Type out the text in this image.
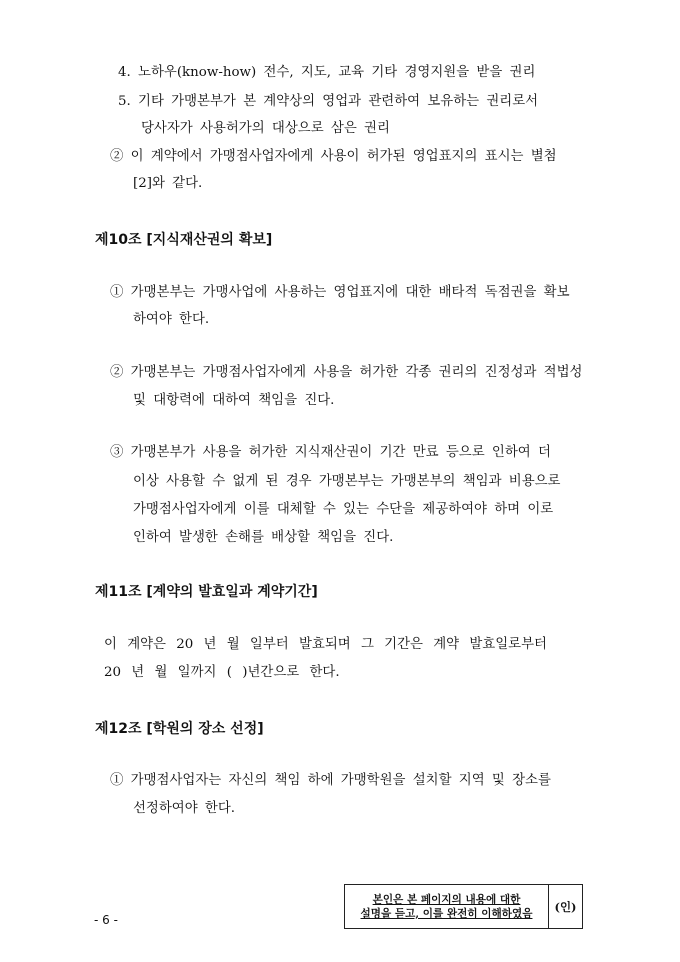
4. 노하우(know-how) 전수, 지도, 교육 기타 경영지원을 받을 권리
5. 기타 가맹본부가 본 계약상의 영업과 관련하여 보유하는 권리로서
당사자가 사용허가의 대상으로 삼은 권리
② 이 계약에서 가맹점사업자에게 사용이 허가된 영업표지의 표시는 별첨
[2]와 같다.
제10조 [지식재산권의 확보]
① 가맹본부는 가맹사업에 사용하는 영업표지에 대한 배타적 독점권을 확보
하여야 한다.
② 가맹본부는 가맹점사업자에게 사용을 허가한 각종 권리의 진정성과 적법성
및 대항력에 대하여 책임을 진다.
③ 가맹본부가 사용을 허가한 지식재산권이 기간 만료 등으로 인하여 더
이상 사용할 수 없게 된 경우 가맹본부는 가맹본부의 책임과 비용으로
가맹점사업자에게 이를 대체할 수 있는 수단을 제공하여야 하며 이로
인하여 발생한 손해를 배상할 책임을 진다.
제11조 [계약의 발효일과 계약기간]
이 계약은 20 년 월 일부터 발효되며 그 기간은 계약 발효일로부터
20 년 월 일까지 ( )년간으로 한다.
제12조 [학원의 장소 선정]
① 가맹점사업자는 자신의 책임 하에 가맹학원을 설치할 지역 및 장소를
선정하여야 한다.
- 6 -
본인은 본 페이지의 내용에 대한
설명을 듣고, 이를 완전히 이해하였음	(인)
